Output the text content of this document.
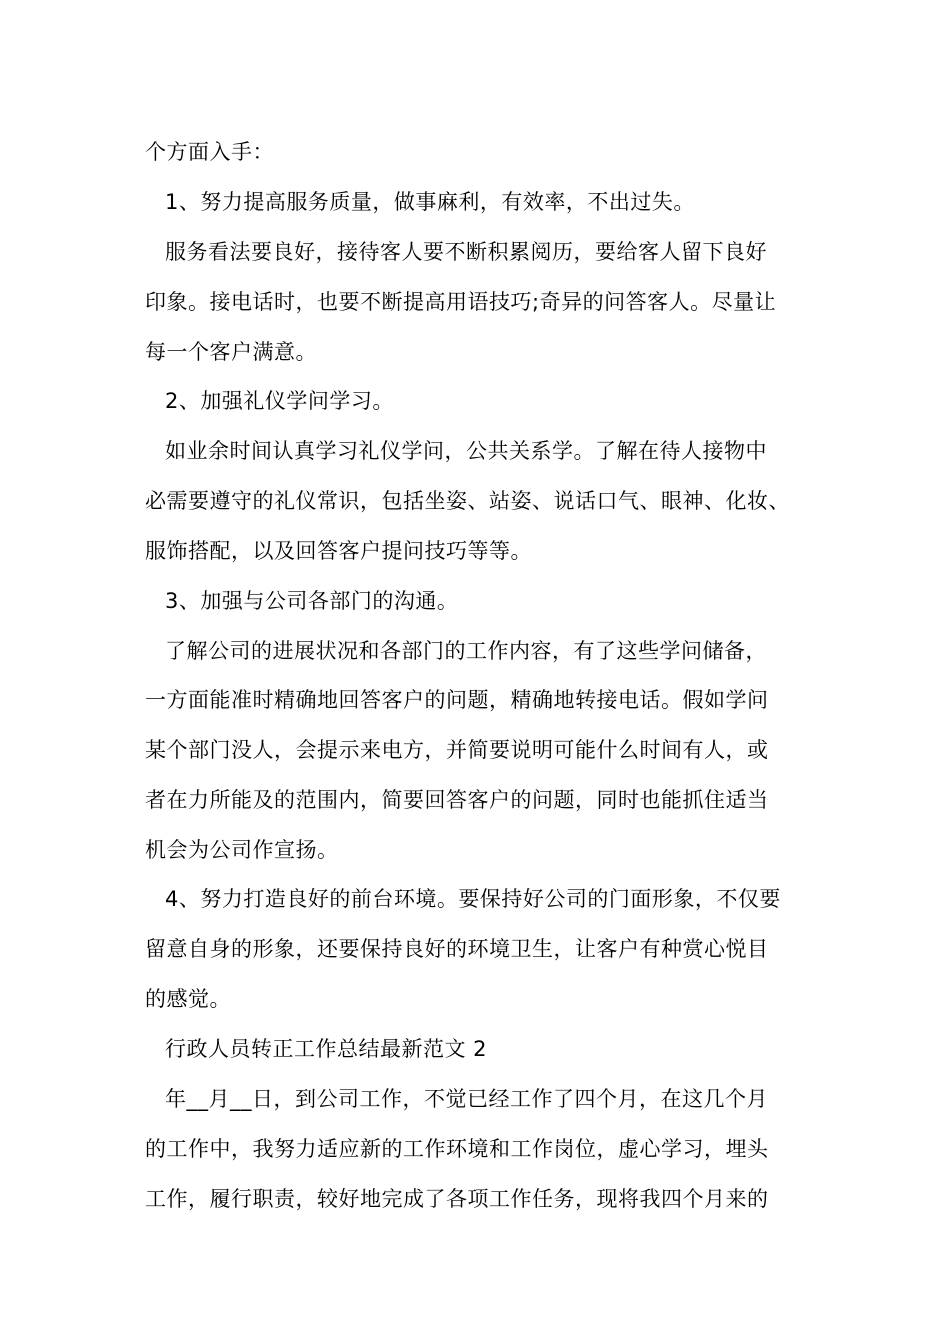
个方面入手：
1、努力提高服务质量，做事麻利，有效率，不出过失。
服务看法要良好，接待客人要不断积累阅历，要给客人留下良好
印象。接电话时，也要不断提高用语技巧;奇异的问答客人。尽量让
每一个客户满意。
2、加强礼仪学问学习。
如业余时间认真学习礼仪学问，公共关系学。了解在待人接物中
必需要遵守的礼仪常识，包括坐姿、站姿、说话口气、眼神、化妆、
服饰搭配，以及回答客户提问技巧等等。
3、加强与公司各部门的沟通。
了解公司的进展状况和各部门的工作内容，有了这些学问储备，
一方面能准时精确地回答客户的问题，精确地转接电话。假如学问
某个部门没人，会提示来电方，并简要说明可能什么时间有人，或
者在力所能及的范围内，简要回答客户的问题，同时也能抓住适当
机会为公司作宣扬。
4、努力打造良好的前台环境。要保持好公司的门面形象，不仅要
留意自身的形象，还要保持良好的环境卫生，让客户有种赏心悦目
的感觉。
行政人员转正工作总结最新范文 2
年__月__日，到公司工作，不觉已经工作了四个月，在这几个月
的工作中，我努力适应新的工作环境和工作岗位，虚心学习，埋头
工作，履行职责，较好地完成了各项工作任务，现将我四个月来的
